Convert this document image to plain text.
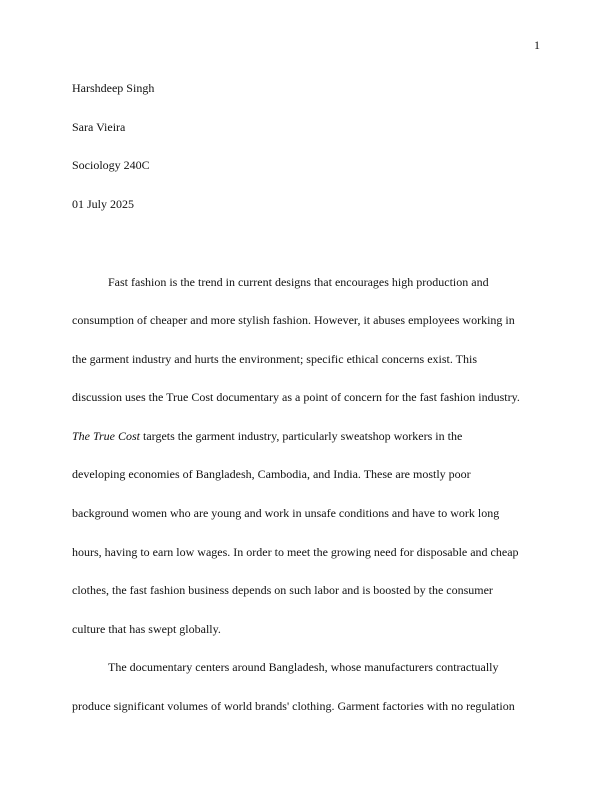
1
Harshdeep Singh
Sara Vieira
Sociology 240C
01 July 2025
Fast fashion is the trend in current designs that encourages high production and
consumption of cheaper and more stylish fashion. However, it abuses employees working in
the garment industry and hurts the environment; specific ethical concerns exist. This
discussion uses the True Cost documentary as a point of concern for the fast fashion industry.
The True Cost targets the garment industry, particularly sweatshop workers in the
developing economies of Bangladesh, Cambodia, and India. These are mostly poor
background women who are young and work in unsafe conditions and have to work long
hours, having to earn low wages. In order to meet the growing need for disposable and cheap
clothes, the fast fashion business depends on such labor and is boosted by the consumer
culture that has swept globally.
The documentary centers around Bangladesh, whose manufacturers contractually
produce significant volumes of world brands' clothing. Garment factories with no regulation
